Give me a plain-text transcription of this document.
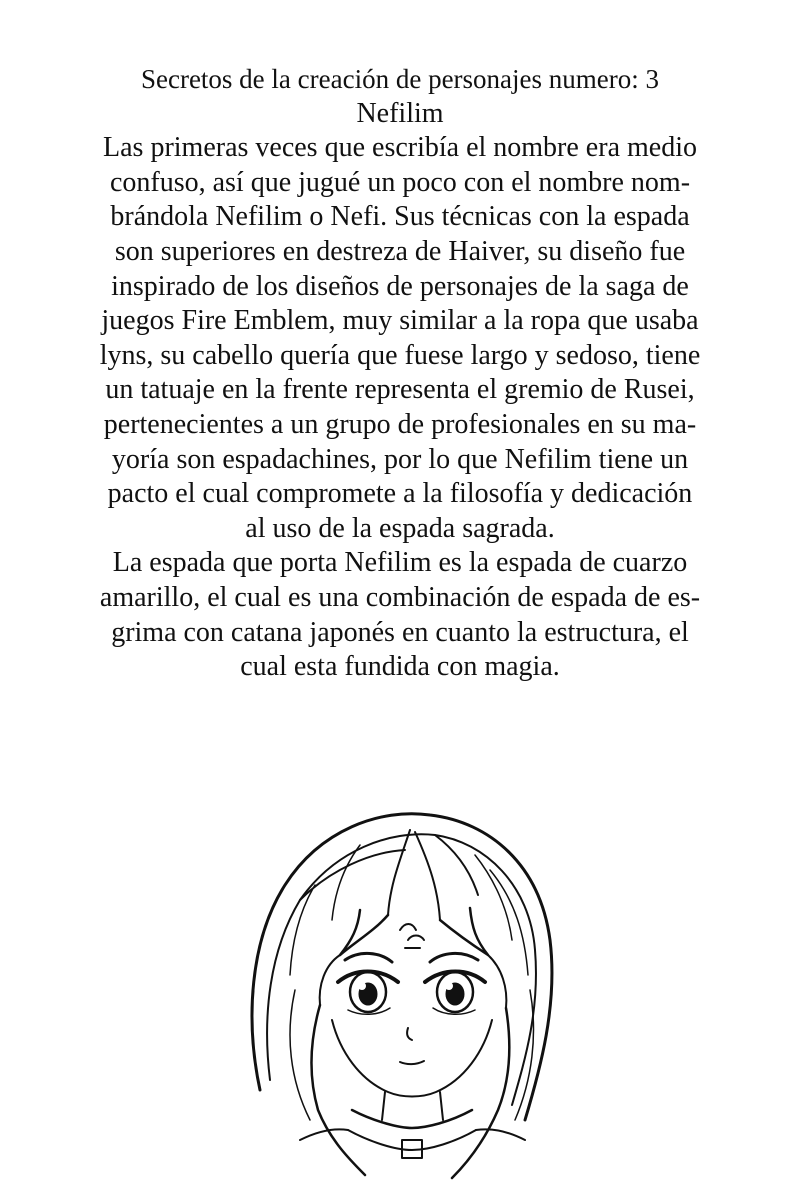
Secretos de la creación de personajes numero: 3
Nefilim
Las primeras veces que escribía el nombre era medio
confuso, así que jugué un poco con el nombre nom-
brándola Nefilim o Nefi. Sus técnicas con la espada
son superiores en destreza de Haiver, su diseño fue
inspirado de los diseños de personajes de la saga de
juegos Fire Emblem, muy similar a la ropa que usaba
lyns, su cabello quería que fuese largo y sedoso, tiene
un tatuaje en la frente representa el gremio de Rusei,
pertenecientes a un grupo de profesionales en su ma-
yoría son espadachines, por lo que Nefilim tiene un
pacto el cual compromete a la filosofía y dedicación
al uso de la espada sagrada.
La espada que porta Nefilim es la espada de cuarzo
amarillo, el cual es una combinación de espada de es-
grima con catana japonés en cuanto la estructura, el
cual esta fundida con magia.
